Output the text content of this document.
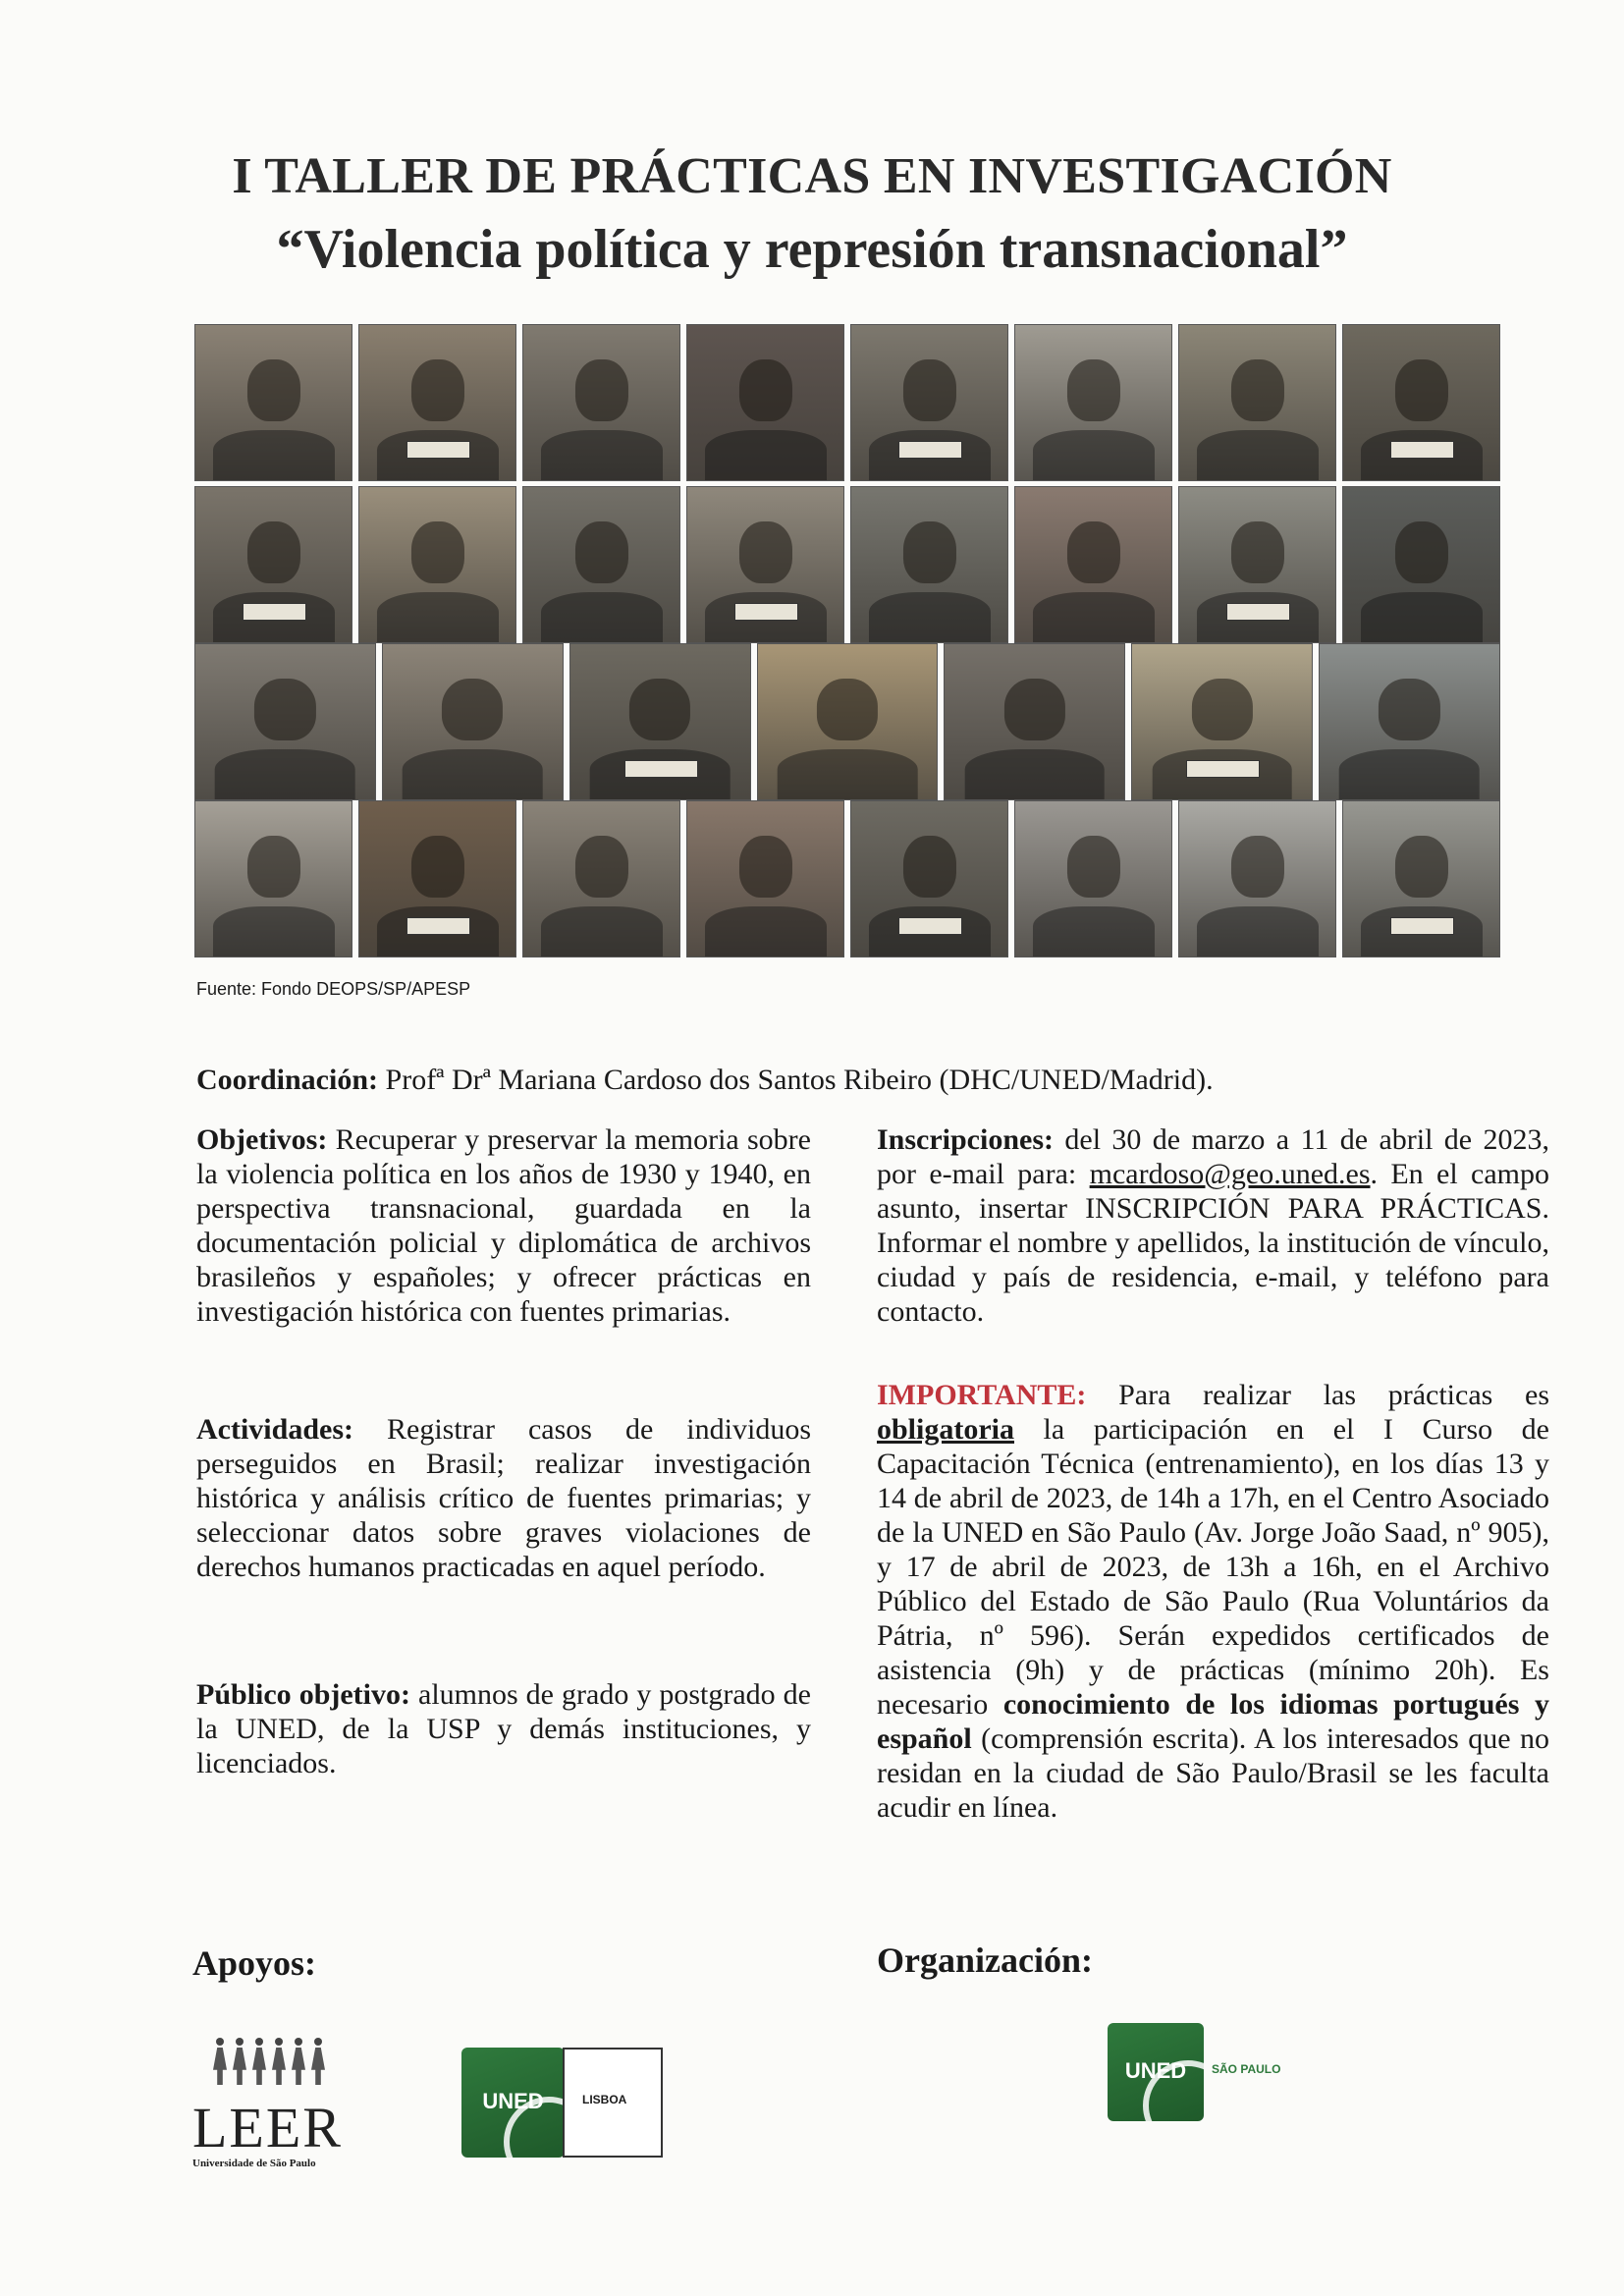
I TALLER DE PRÁCTICAS EN INVESTIGACIÓN
“Violencia política y represión transnacional”
Fuente: Fondo DEOPS/SP/APESP

Coordinación: Profª Drª Mariana Cardoso dos Santos Ribeiro (DHC/UNED/Madrid).

Objetivos: Recuperar y preservar la memoria sobre la violencia política en los años de 1930 y 1940, en perspectiva transnacional, guardada en la documentación policial y diplomática de archivos brasileños y españoles; y ofrecer prácticas en investigación histórica con fuentes primarias.

Actividades: Registrar casos de individuos perseguidos en Brasil; realizar investigación histórica y análisis crítico de fuentes primarias; y seleccionar datos sobre graves violaciones de derechos humanos practicadas en aquel período.

Público objetivo: alumnos de grado y postgrado de la UNED, de la USP y demás instituciones, y licenciados.

Inscripciones: del 30 de marzo a 11 de abril de 2023, por e-mail para: mcardoso@geo.uned.es. En el campo asunto, insertar INSCRIPCIÓN PARA PRÁCTICAS. Informar el nombre y apellidos, la institución de vínculo, ciudad y país de residencia, e-mail, y teléfono para contacto.

IMPORTANTE: Para realizar las prácticas es obligatoria la participación en el I Curso de Capacitación Técnica (entrenamiento), en los días 13 y 14 de abril de 2023, de 14h a 17h, en el Centro Asociado de la UNED en São Paulo (Av. Jorge João Saad, nº 905), y 17 de abril de 2023, de 13h a 16h, en el Archivo Público del Estado de São Paulo (Rua Voluntários da Pátria, nº 596). Serán expedidos certificados de asistencia (9h) y de prácticas (mínimo 20h). Es necesario conocimiento de los idiomas portugués y español (comprensión escrita). A los interesados que no residan en la ciudad de São Paulo/Brasil se les faculta acudir en línea.

Apoyos:	Organización:
LEER
Universidade de São Paulo
UNED	LISBOA
UNED	SÃO PAULO
